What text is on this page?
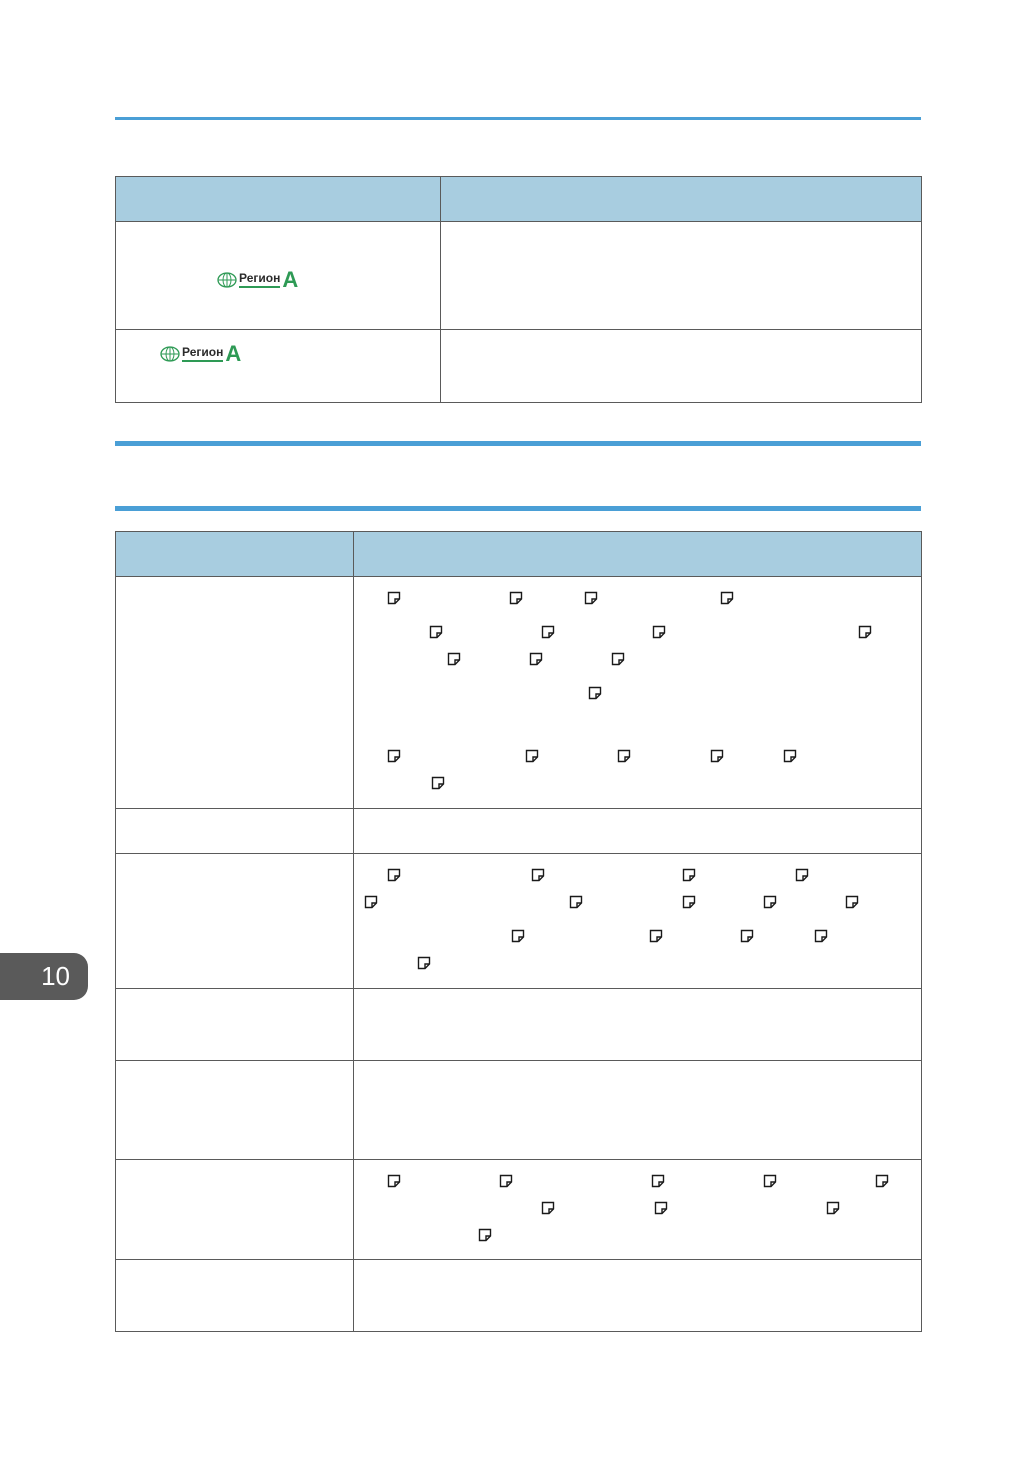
Регион A	

Регион A	

10
